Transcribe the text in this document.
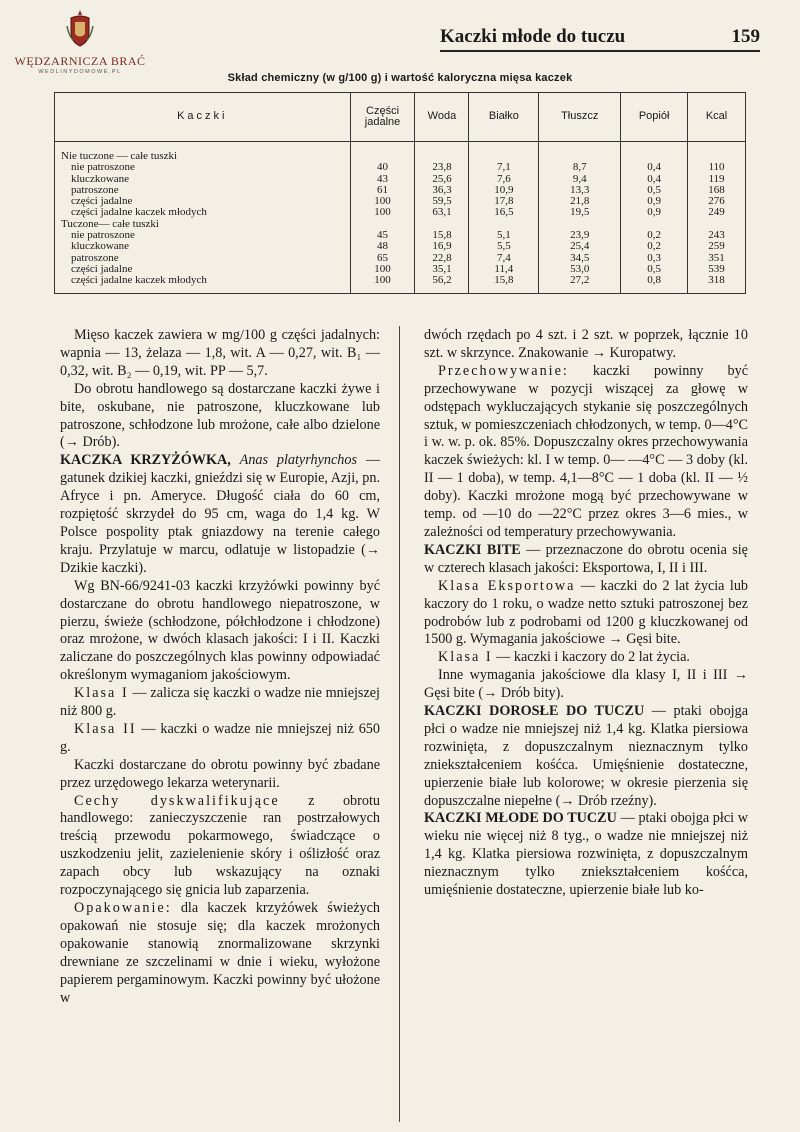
WĘDZARNICZA BRAĆ
WEDLINYDOMOWE.PL
Kaczki młode do tuczu	159
Skład chemiczny (w g/100 g) i wartość kaloryczna mięsa kaczek
Kaczki	Części jadalne	Woda	Białko	Tłuszcz	Popiół	Kcal
Nie tuczone — całe tuszki						
nie patroszone	40	23,8	7,1	8,7	0,4	110
kluczkowane	43	25,6	7,6	9,4	0,4	119
patroszone	61	36,3	10,9	13,3	0,5	168
części jadalne	100	59,5	17,8	21,8	0,9	276
części jadalne kaczek młodych	100	63,1	16,5	19,5	0,9	249
Tuczone— całe tuszki						
nie patroszone	45	15,8	5,1	23,9	0,2	243
kluczkowane	48	16,9	5,5	25,4	0,2	259
patroszone	65	22,8	7,4	34,5	0,3	351
części jadalne	100	35,1	11,4	53,0	0,5	539
części jadalne kaczek młodych	100	56,2	15,8	27,2	0,8	318

Mięso kaczek zawiera w mg/100 g części jadalnych: wapnia — 13, żelaza — 1,8, wit. A — 0,27, wit. B₁ — 0,32, wit. B₂ — 0,19, wit. PP — 5,7.

Do obrotu handlowego są dostarczane kaczki żywe i bite, oskubane, nie patroszone, kluczkowane lub patroszone, schłodzone lub mrożone, całe albo dzielone (→ Drób).

KACZKA KRZYŻÓWKA, Anas platyrhynchos — gatunek dzikiej kaczki, gnieździ się w Europie, Azji, pn. Afryce i pn. Ameryce. Długość ciała do 60 cm, rozpiętość skrzydeł do 95 cm, waga do 1,4 kg. W Polsce pospolity ptak gniazdowy na terenie całego kraju. Przylatuje w marcu, odlatuje w listopadzie (→ Dzikie kaczki).

Wg BN-66/9241-03 kaczki krzyżówki powinny być dostarczane do obrotu handlowego niepatroszone, w pierzu, świeże (schłodzone, półchłodzone i chłodzone) oraz mrożone, w dwóch klasach jakości: I i II. Kaczki zaliczane do poszczególnych klas powinny odpowiadać określonym wymaganiom jakościowym.

Klasa I — zalicza się kaczki o wadze nie mniejszej niż 800 g.

Klasa II — kaczki o wadze nie mniejszej niż 650 g.

Kaczki dostarczane do obrotu powinny być zbadane przez urzędowego lekarza weterynarii.

Cechy dyskwalifikujące z obrotu handlowego: zanieczyszczenie ran postrzałowych treścią przewodu pokarmowego, świadczące o uszkodzeniu jelit, zazielenienie skóry i oślizłość oraz zapach obcy lub wskazujący na oznaki rozpoczynającego się gnicia lub zaparzenia.

Opakowanie: dla kaczek krzyżówek świeżych opakowań nie stosuje się; dla kaczek mrożonych opakowanie stanowią znormalizowane skrzynki drewniane ze szczelinami w dnie i wieku, wyłożone papierem pergaminowym. Kaczki powinny być ułożone w

dwóch rzędach po 4 szt. i 2 szt. w poprzek, łącznie 10 szt. w skrzynce. Znakowanie → Kuropatwy.

Przechowywanie: kaczki powinny być przechowywane w pozycji wiszącej za głowę w odstępach wykluczających stykanie się poszczególnych sztuk, w pomieszczeniach chłodzonych, w temp. 0—4°C i w. w. p. ok. 85%. Dopuszczalny okres przechowywania kaczek świeżych: kl. I w temp. 0— —4°C — 3 doby (kl. II — 1 doba), w temp. 4,1—8°C — 1 doba (kl. II — ½ doby). Kaczki mrożone mogą być przechowywane w temp. od —10 do —22°C przez okres 3—6 mies., w zależności od temperatury przechowywania.

KACZKI BITE — przeznaczone do obrotu ocenia się w czterech klasach jakości: Eksportowa, I, II i III.

Klasa Eksportowa — kaczki do 2 lat życia lub kaczory do 1 roku, o wadze netto sztuki patroszonej bez podrobów lub z podrobami od 1200 g kluczkowanej od 1500 g. Wymagania jakościowe → Gęsi bite.

Klasa I — kaczki i kaczory do 2 lat życia.

Inne wymagania jakościowe dla klasy I, II i III → Gęsi bite (→ Drób bity).

KACZKI DOROSŁE DO TUCZU — ptaki obojga płci o wadze nie mniejszej niż 1,4 kg. Klatka piersiowa rozwinięta, z dopuszczalnym nieznacznym tylko zniekształceniem kośćca. Umięśnienie dostateczne, upierzenie białe lub kolorowe; w okresie pierzenia się dopuszczalne niepełne (→ Drób rzeźny).

KACZKI MŁODE DO TUCZU — ptaki obojga płci w wieku nie więcej niż 8 tyg., o wadze nie mniejszej niż 1,4 kg. Klatka piersiowa rozwinięta, z dopuszczalnym nieznacznym tylko zniekształceniem kośćca, umięśnienie dostateczne, upierzenie białe lub ko-
